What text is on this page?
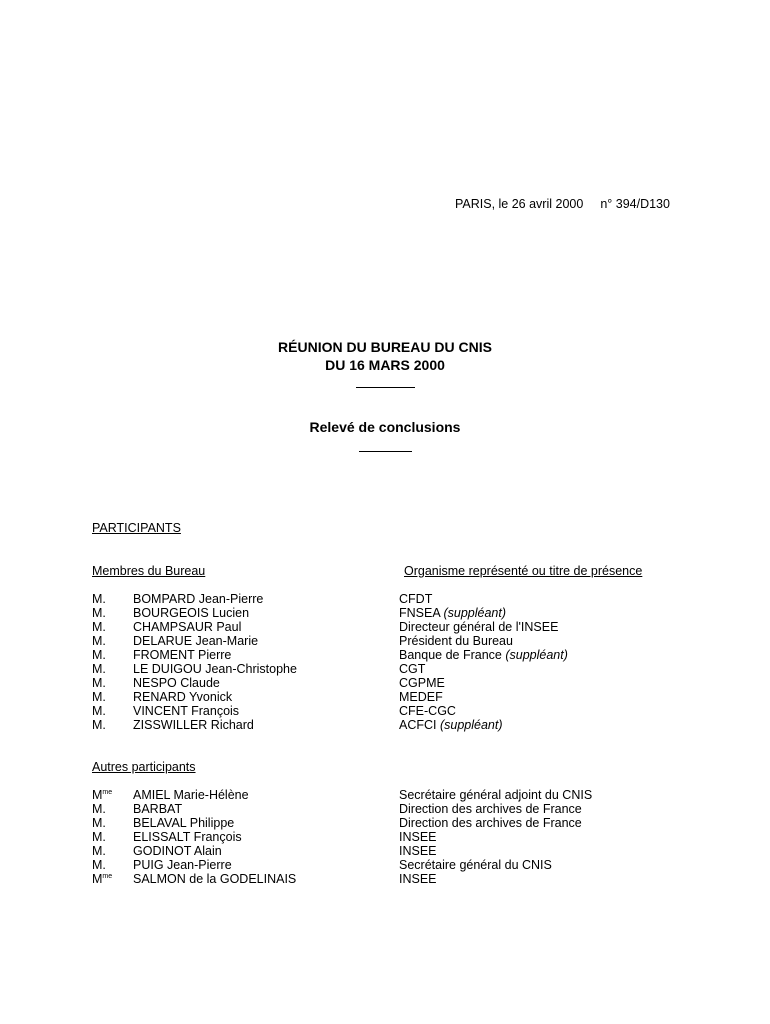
PARIS, le 26 avril 2000 n° 394/D130
RÉUNION DU BUREAU DU CNIS
DU 16 MARS 2000
Relevé de conclusions
PARTICIPANTS
Membres du Bureau	Organisme représenté ou titre de présence
M. BOMPARD Jean-Pierre	CFDT
M. BOURGEOIS Lucien	FNSEA (suppléant)
M. CHAMPSAUR Paul	Directeur général de l'INSEE
M. DELARUE Jean-Marie	Président du Bureau
M. FROMENT Pierre	Banque de France (suppléant)
M. LE DUIGOU Jean-Christophe	CGT
M. NESPO Claude	CGPME
M. RENARD Yvonick	MEDEF
M. VINCENT François	CFE-CGC
M. ZISSWILLER Richard	ACFCI (suppléant)
Autres participants
$M^{me}$ AMIEL Marie-Hélène	Secrétaire général adjoint du CNIS
M. BARBAT	Direction des archives de France
M. BELAVAL Philippe	Direction des archives de France
M. ELISSALT François	INSEE
M. GODINOT Alain	INSEE
M. PUIG Jean-Pierre	Secrétaire général du CNIS
$M^{me}$ SALMON de la GODELINAIS	INSEE
